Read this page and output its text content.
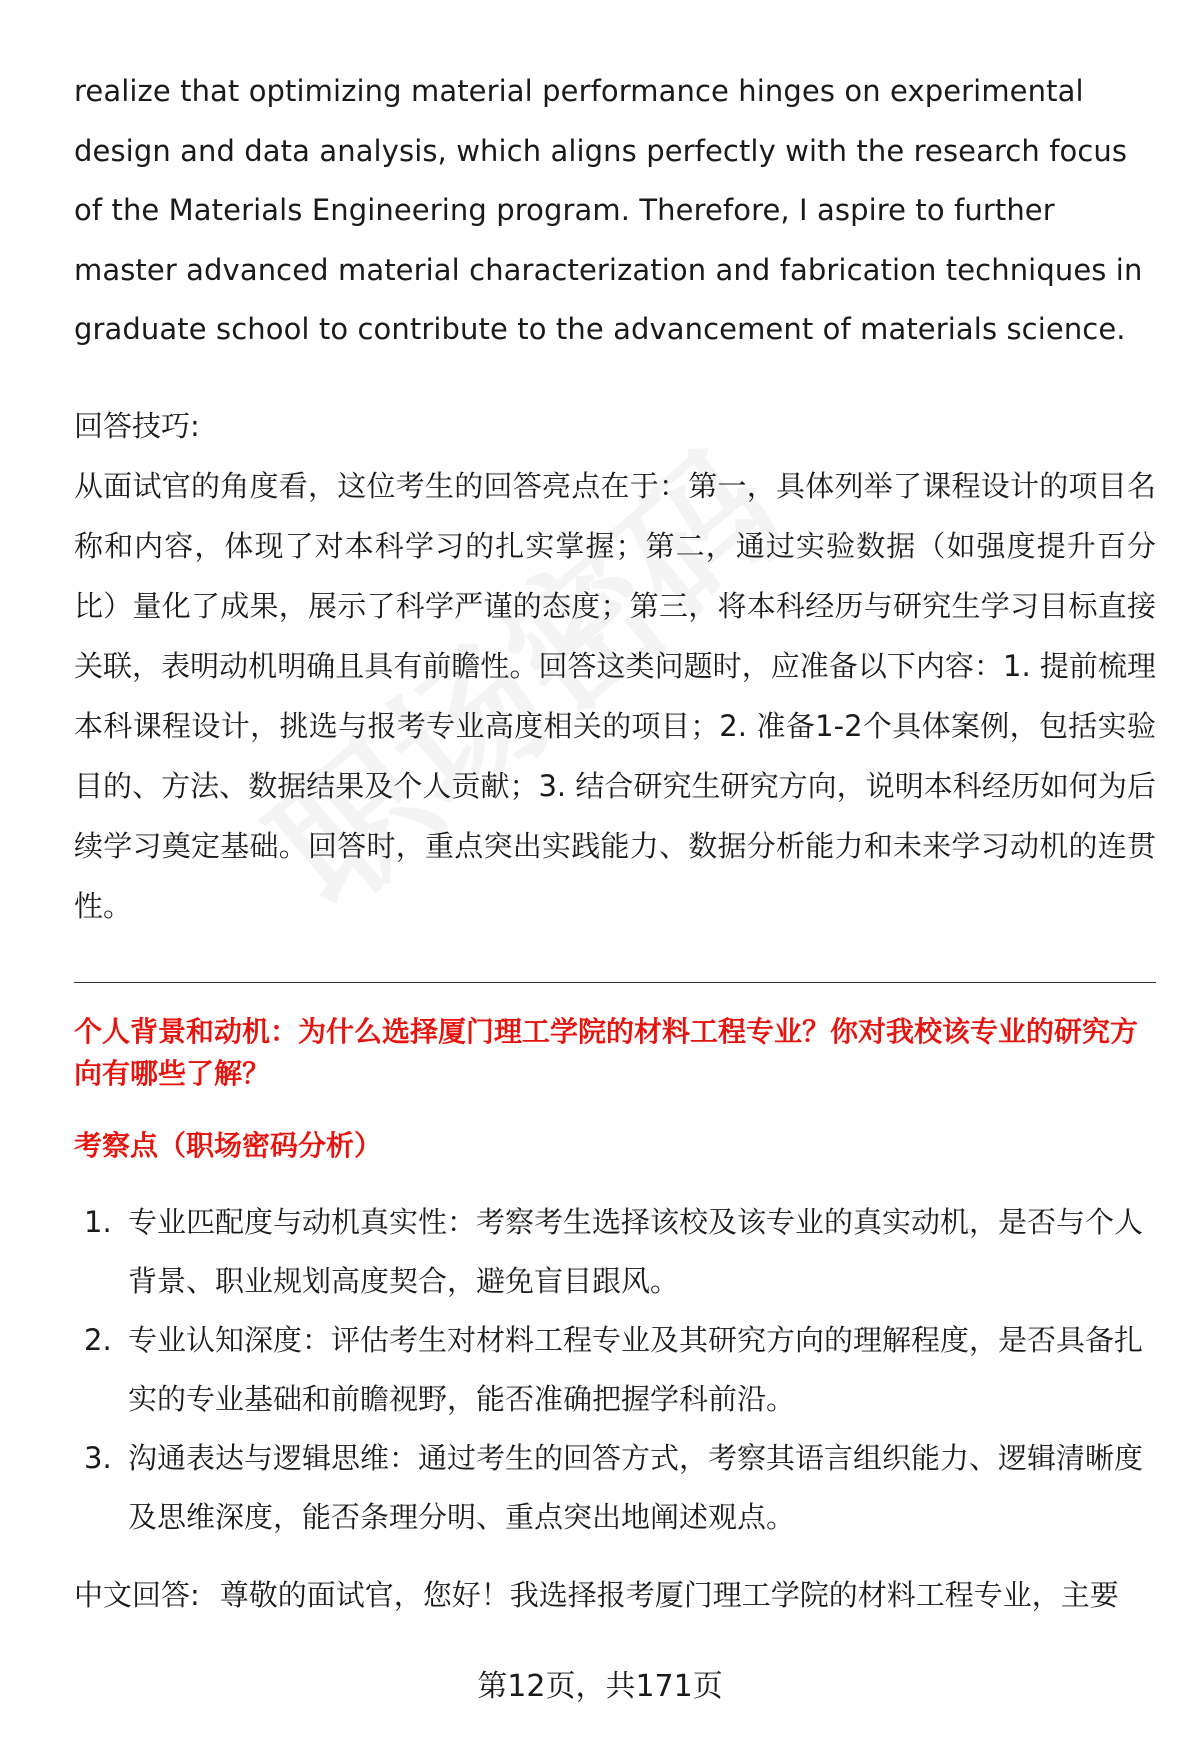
realize that optimizing material performance hinges on experimental design and data analysis, which aligns perfectly with the research focus of the Materials Engineering program. Therefore, I aspire to further master advanced material characterization and fabrication techniques in graduate school to contribute to the advancement of materials science.

回答技巧:

从面试官的角度看，这位考生的回答亮点在于：第一，具体列举了课程设计的项目名称和内容，体现了对本科学习的扎实掌握；第二，通过实验数据（如强度提升百分比）量化了成果，展示了科学严谨的态度；第三，将本科经历与研究生学习目标直接关联，表明动机明确且具有前瞻性。回答这类问题时，应准备以下内容：1. 提前梳理本科课程设计，挑选与报考专业高度相关的项目；2. 准备1-2个具体案例，包括实验目的、方法、数据结果及个人贡献；3. 结合研究生研究方向，说明本科经历如何为后续学习奠定基础。回答时，重点突出实践能力、数据分析能力和未来学习动机的连贯性。

个人背景和动机：为什么选择厦门理工学院的材料工程专业？你对我校该专业的研究方向有哪些了解？

考察点（职场密码分析）

1. 专业匹配度与动机真实性：考察考生选择该校及该专业的真实动机，是否与个人背景、职业规划高度契合，避免盲目跟风。
2. 专业认知深度：评估考生对材料工程专业及其研究方向的理解程度，是否具备扎实的专业基础和前瞻视野，能否准确把握学科前沿。
3. 沟通表达与逻辑思维：通过考生的回答方式，考察其语言组织能力、逻辑清晰度及思维深度，能否条理分明、重点突出地阐述观点。

中文回答: 尊敬的面试官，您好！我选择报考厦门理工学院的材料工程专业，主要

第12页，共171页
